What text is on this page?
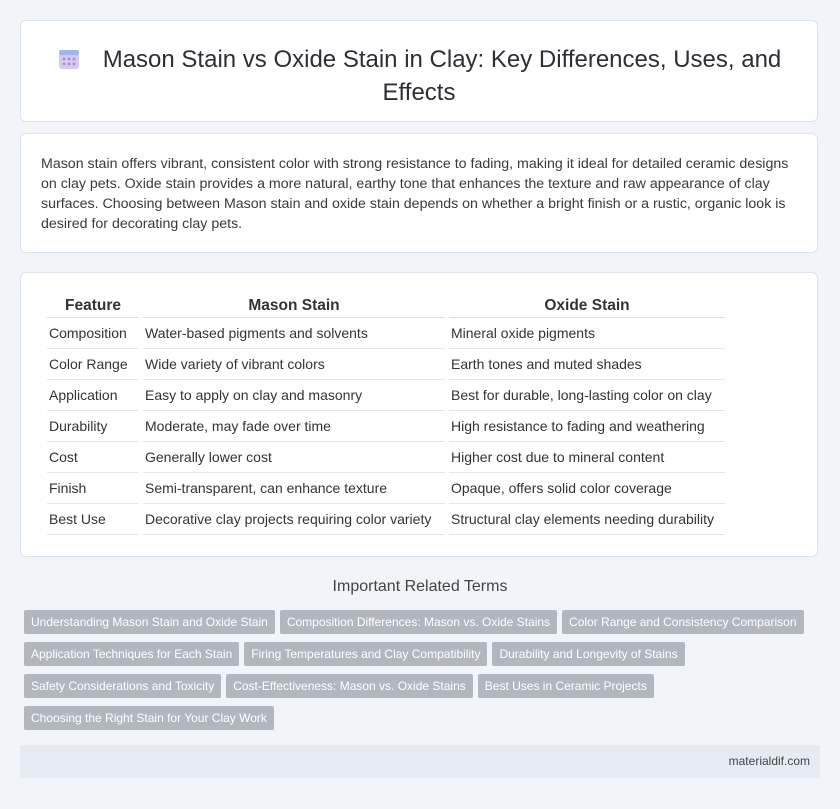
Mason Stain vs Oxide Stain in Clay: Key Differences, Uses, and Effects

Mason stain offers vibrant, consistent color with strong resistance to fading, making it ideal for detailed ceramic designs on clay pets. Oxide stain provides a more natural, earthy tone that enhances the texture and raw appearance of clay surfaces. Choosing between Mason stain and oxide stain depends on whether a bright finish or a rustic, organic look is desired for decorating clay pets.

Feature	Mason Stain	Oxide Stain
Composition	Water-based pigments and solvents	Mineral oxide pigments
Color Range	Wide variety of vibrant colors	Earth tones and muted shades
Application	Easy to apply on clay and masonry	Best for durable, long-lasting color on clay
Durability	Moderate, may fade over time	High resistance to fading and weathering
Cost	Generally lower cost	Higher cost due to mineral content
Finish	Semi-transparent, can enhance texture	Opaque, offers solid color coverage
Best Use	Decorative clay projects requiring color variety	Structural clay elements needing durability
Important Related Terms
Understanding Mason Stain and Oxide Stain Composition Differences: Mason vs. Oxide Stains Color Range and Consistency Comparison
Application Techniques for Each Stain Firing Temperatures and Clay Compatibility Durability and Longevity of Stains
Safety Considerations and Toxicity Cost-Effectiveness: Mason vs. Oxide Stains Best Uses in Ceramic Projects
Choosing the Right Stain for Your Clay Work
materialdif.com
